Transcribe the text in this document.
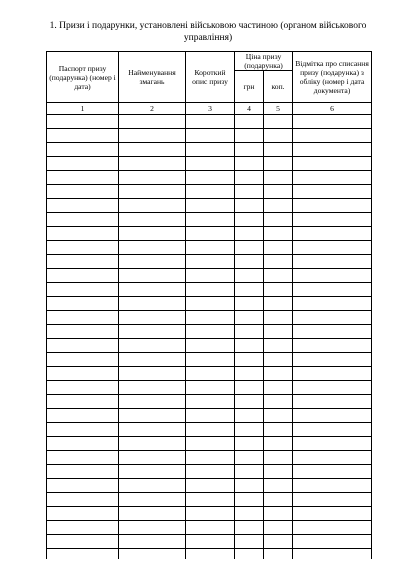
1. Призи і подарунки, установлені військовою частиною (органом військового управління)
Паспорт призу (подарунка) (номер і дата)	Найменування змагань	Короткий опис призу	Ціна призу (подарунка)		Відмітка про списання призу (подарунка) з обліку (номер і дата документа)
			грн	коп.	
1	2	3	4	5	6
